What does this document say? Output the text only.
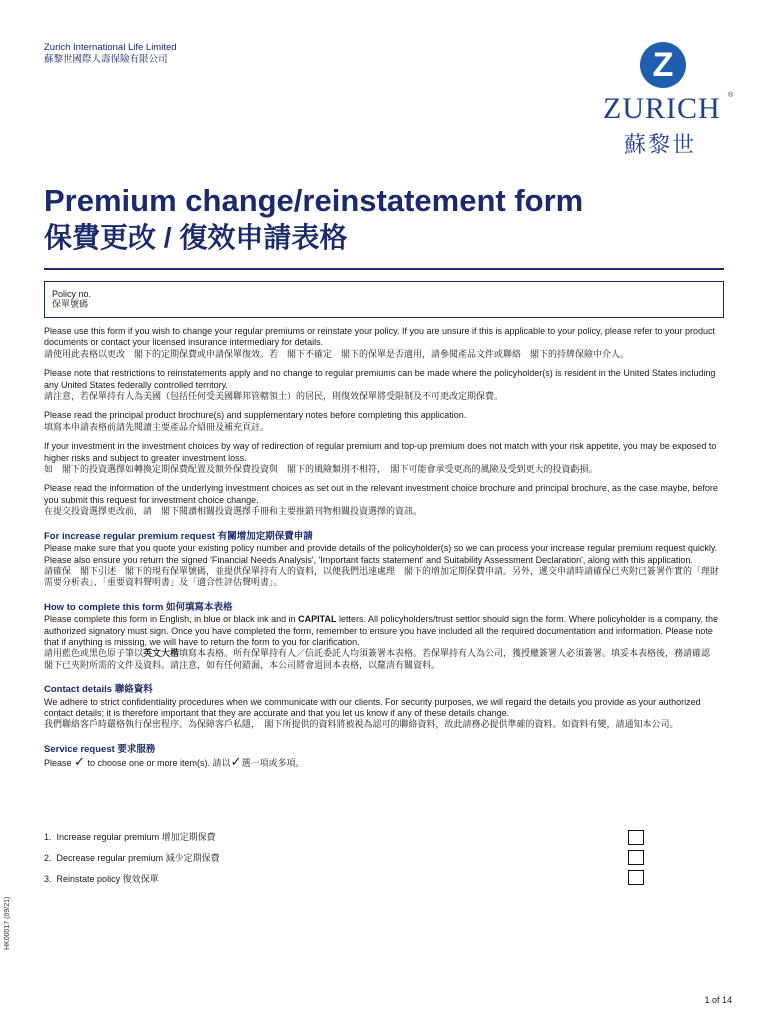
Zurich International Life Limited
蘇黎世國際人壽保險有限公司	Z
ZURICH ®
蘇黎世
Premium change/reinstatement form
保費更改 / 復效申請表格
Policy no.
保單號碼

Please use this form if you wish to change your regular premiums or reinstate your policy. If you are unsure if this is applicable to your policy, please refer to your product documents or contact your licensed insurance intermediary for details.
請使用此表格以更改　閣下的定期保費或申請保單復效。若　閣下不確定　閣下的保單是否適用，請參閱產品文件或聯絡　閣下的持牌保險中介人。

Please note that restrictions to reinstatements apply and no change to regular premiums can be made where the policyholder(s) is resident in the United States including any United States federally controlled territory.
請注意，若保單持有人為美國（包括任何受美國聯邦管轄領土）的居民，則復效保單將受限制及不可更改定期保費。

Please read the principal product brochure(s) and supplementary notes before completing this application.
填寫本申請表格前請先閱讀主要產品介紹冊及補充頁註。

If your investment in the investment choices by way of redirection of regular premium and top-up premium does not match with your risk appetite, you may be exposed to higher risks and subject to greater investment loss.
如　閣下的投資選擇如轉換定期保費配置及額外保費投資與　閣下的風險類別不相符，　閣下可能會承受更高的風險及受到更大的投資虧損。

Please read the information of the underlying investment choices as set out in the relevant investment choice brochure and principal brochure, as the case maybe, before you submit this request for investment choice change.
在提交投資選擇更改前，請　閣下閱讀相關投資選擇手冊和主要推銷刊物相關投資選擇的資訊。

For increase regular premium request 有關增加定期保費申請

Please make sure that you quote your existing policy number and provide details of the policyholder(s) so we can process your increase regular premium request quickly. Please also ensure you return the signed 'Financial Needs Analysis', 'Important facts statement' and Suitability Assessment Declaration', along with this application.
請確保　閣下引述　閣下的現有保單號碼，並提供保單持有人的資料，以便我們迅速處理　閣下的增加定期保費申請。另外，遞交申請時請確保已夾附已簽署作實的「理財需要分析表」、「重要資料聲明書」及「適合性評估聲明書」。

How to complete this form 如何填寫本表格

Please complete this form in English, in blue or black ink and in CAPITAL letters. All policyholders/trust settlor should sign the form. Where policyholder is a company, the authorized signatory must sign. Once you have completed the form, remember to ensure you have included all the required documentation and information. Please note that if anything is missing, we will have to return the form to you for clarification.
請用藍色或黑色原子筆以英文大楷填寫本表格。所有保單持有人／信託委託人均須簽署本表格。若保單持有人為公司，獲授權簽署人必須簽署。填妥本表格後，務請確認　閣下已夾附所需的文件及資料。請注意，如有任何錯漏，本公司將會退回本表格，以釐清有關資料。

Contact details 聯絡資料

We adhere to strict confidentiality procedures when we communicate with our clients. For security purposes, we will regard the details you provide as your authorized contact details; it is therefore important that they are accurate and that you let us know if any of these details change.
我們聯絡客戶時嚴格執行保密程序。為保障客戶私隱，　閣下所提供的資料將被視為認可的聯絡資料，故此請務必提供準確的資料。如資料有變，請通知本公司。

Service request 要求服務
Please ✓ to choose one or more item(s). 請以✓選一項或多項。
1. Increase regular premium 增加定期保費
2. Decrease regular premium 減少定期保費
3. Reinstate policy 復效保單
HK00017 (09/21)
1 of 14
